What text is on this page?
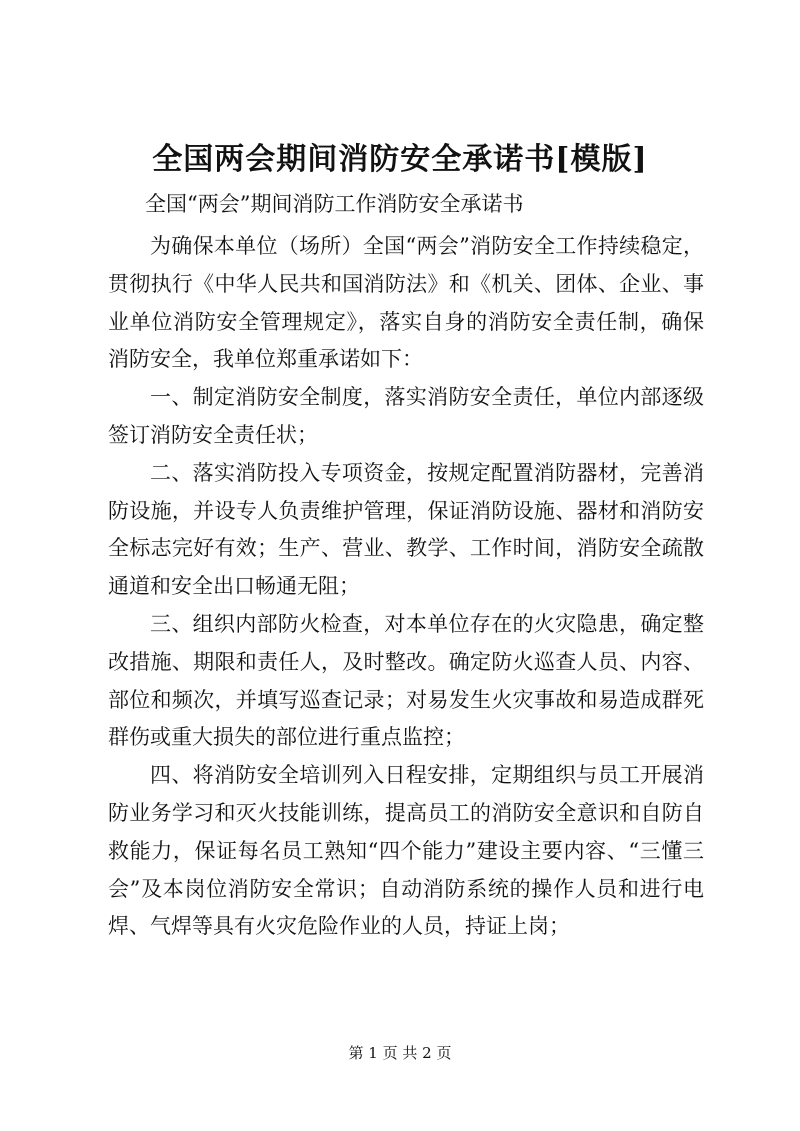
全国两会期间消防安全承诺书[模版]
全国“两会”期间消防工作消防安全承诺书

为确保本单位（场所）全国“两会”消防安全工作持续稳定，贯彻执行《中华人民共和国消防法》和《机关、团体、企业、事业单位消防安全管理规定》，落实自身的消防安全责任制，确保消防安全，我单位郑重承诺如下：

一、制定消防安全制度，落实消防安全责任，单位内部逐级签订消防安全责任状；

二、落实消防投入专项资金，按规定配置消防器材，完善消防设施，并设专人负责维护管理，保证消防设施、器材和消防安全标志完好有效；生产、营业、教学、工作时间，消防安全疏散通道和安全出口畅通无阻；

三、组织内部防火检查，对本单位存在的火灾隐患，确定整改措施、期限和责任人，及时整改。确定防火巡查人员、内容、部位和频次，并填写巡查记录；对易发生火灾事故和易造成群死群伤或重大损失的部位进行重点监控；

四、将消防安全培训列入日程安排，定期组织与员工开展消防业务学习和灭火技能训练，提高员工的消防安全意识和自防自救能力，保证每名员工熟知“四个能力”建设主要内容、“三懂三会”及本岗位消防安全常识；自动消防系统的操作人员和进行电焊、气焊等具有火灾危险作业的人员，持证上岗；

第 1 页 共 2 页
